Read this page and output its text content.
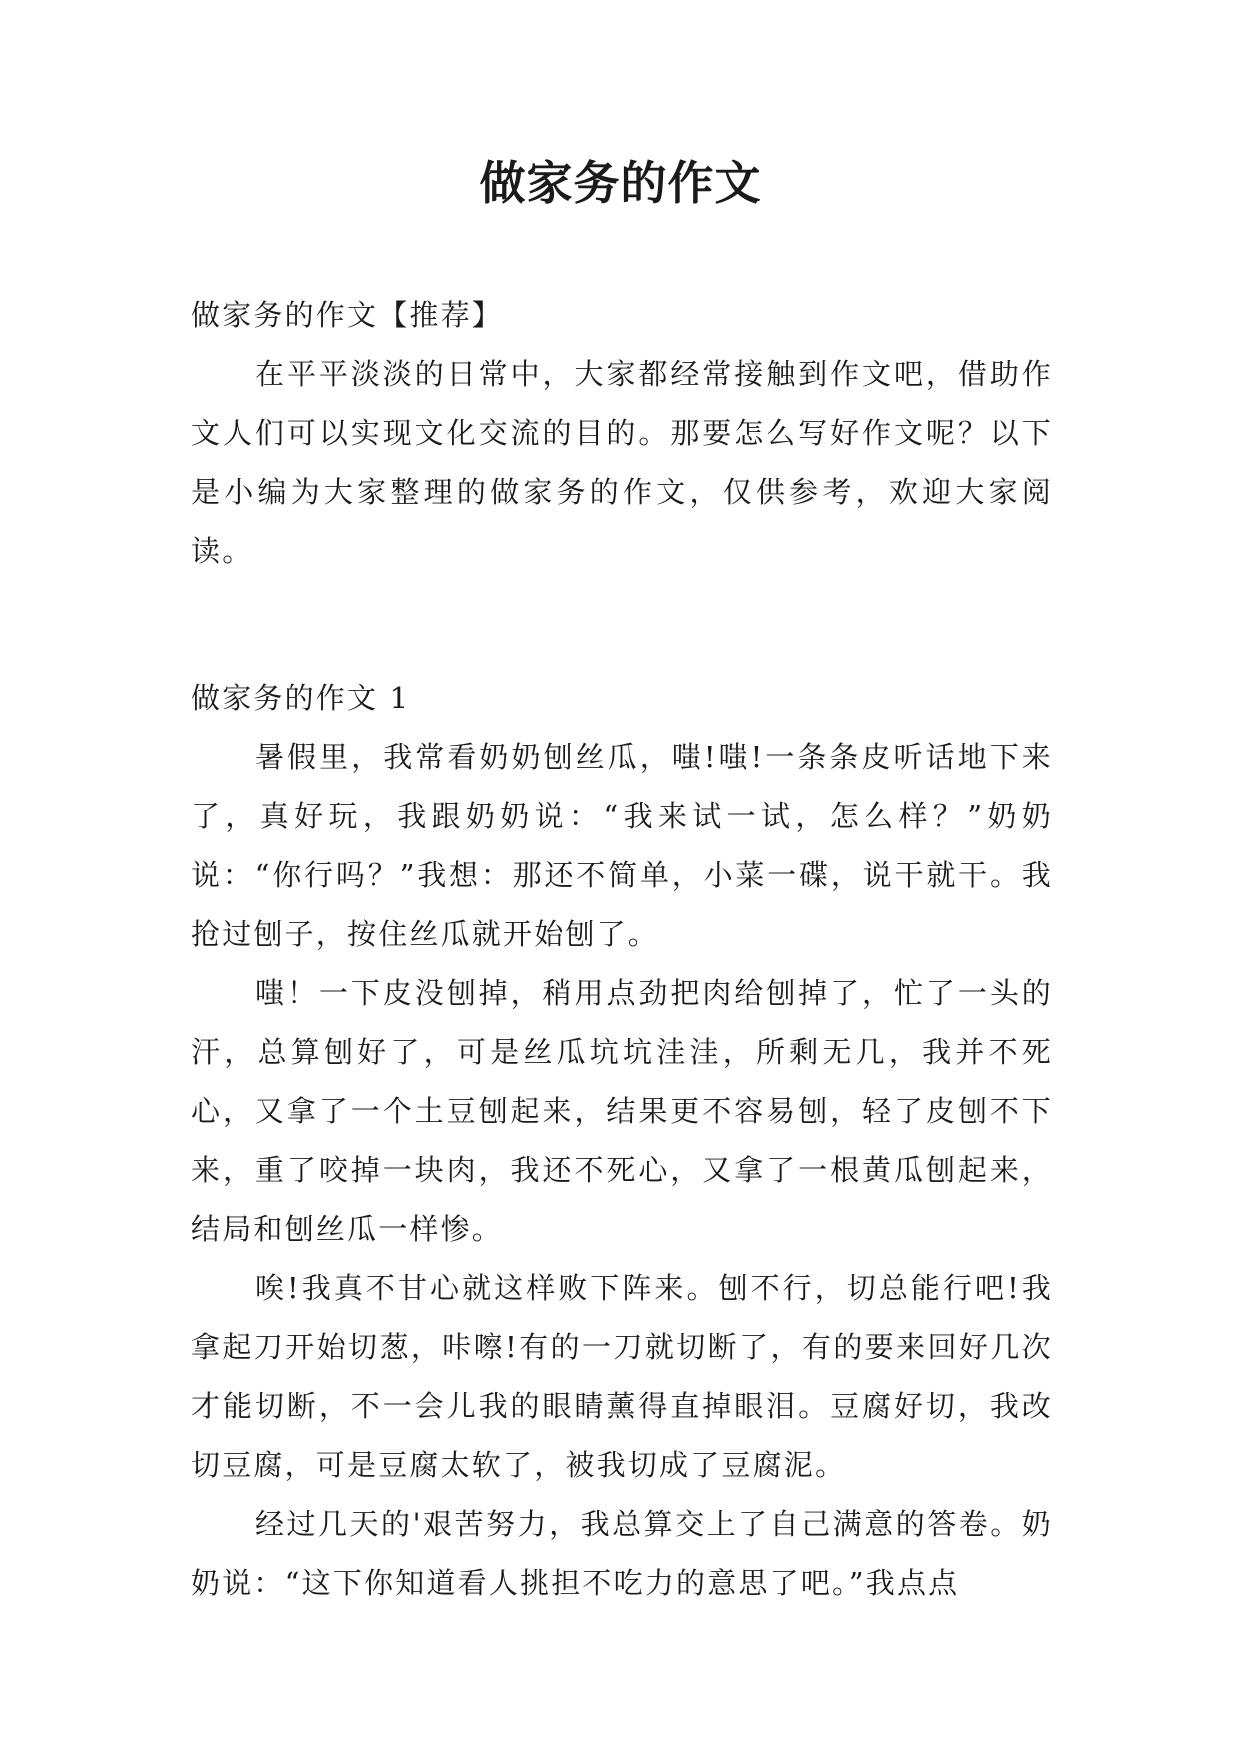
做家务的作文

做家务的作文【推荐】

在平平淡淡的日常中，大家都经常接触到作文吧，借助作文人们可以实现文化交流的目的。那要怎么写好作文呢？以下是小编为大家整理的做家务的作文，仅供参考，欢迎大家阅读。

做家务的作文 1

暑假里，我常看奶奶刨丝瓜，嗤!嗤!一条条皮听话地下来了，真好玩，我跟奶奶说：“我来试一试，怎么样？”奶奶说：“你行吗？”我想：那还不简单，小菜一碟，说干就干。我抢过刨子，按住丝瓜就开始刨了。

嗤！一下皮没刨掉，稍用点劲把肉给刨掉了，忙了一头的汗，总算刨好了，可是丝瓜坑坑洼洼，所剩无几，我并不死心，又拿了一个土豆刨起来，结果更不容易刨，轻了皮刨不下来，重了咬掉一块肉，我还不死心，又拿了一根黄瓜刨起来，结局和刨丝瓜一样惨。

唉!我真不甘心就这样败下阵来。刨不行，切总能行吧!我拿起刀开始切葱，咔嚓!有的一刀就切断了，有的要来回好几次才能切断，不一会儿我的眼睛薰得直掉眼泪。豆腐好切，我改切豆腐，可是豆腐太软了，被我切成了豆腐泥。

经过几天的'艰苦努力，我总算交上了自己满意的答卷。奶奶说：“这下你知道看人挑担不吃力的意思了吧。”我点点
